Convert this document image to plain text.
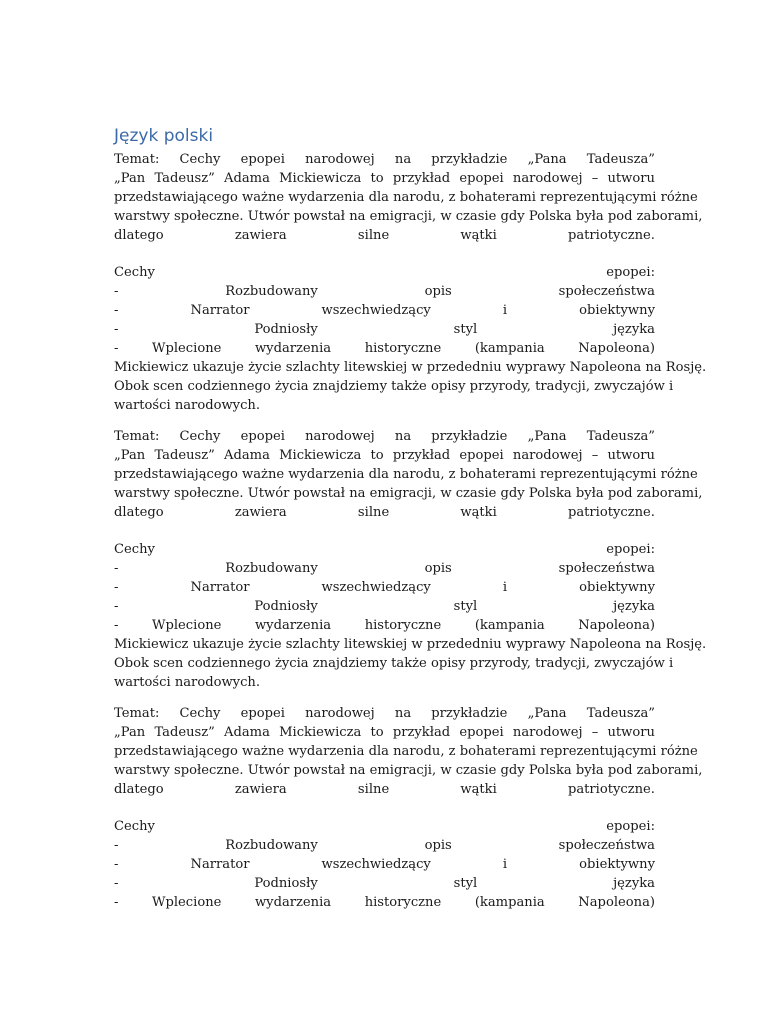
Język polski
Temat: Cechy epopei narodowej na przykładzie „Pana Tadeusza”
„Pan Tadeusz” Adama Mickiewicza to przykład epopei narodowej – utworu
przedstawiającego ważne wydarzenia dla narodu, z bohaterami reprezentującymi różne
warstwy społeczne. Utwór powstał na emigracji, w czasie gdy Polska była pod zaborami,
dlatego	zawiera	silne	wątki	patriotyczne.
Cechy	epopei:
-	Rozbudowany	opis	społeczeństwa
-	Narrator	wszechwiedzący	i	obiektywny
-	Podniosły	styl	języka
-	Wplecione	wydarzenia	historyczne	(kampania	Napoleona)
Mickiewicz ukazuje życie szlachty litewskiej w przededniu wyprawy Napoleona na Rosję.
Obok scen codziennego życia znajdziemy także opisy przyrody, tradycji, zwyczajów i
wartości narodowych.
Temat: Cechy epopei narodowej na przykładzie „Pana Tadeusza”
„Pan Tadeusz” Adama Mickiewicza to przykład epopei narodowej – utworu
przedstawiającego ważne wydarzenia dla narodu, z bohaterami reprezentującymi różne
warstwy społeczne. Utwór powstał na emigracji, w czasie gdy Polska była pod zaborami,
dlatego	zawiera	silne	wątki	patriotyczne.
Cechy	epopei:
-	Rozbudowany	opis	społeczeństwa
-	Narrator	wszechwiedzący	i	obiektywny
-	Podniosły	styl	języka
-	Wplecione	wydarzenia	historyczne	(kampania	Napoleona)
Mickiewicz ukazuje życie szlachty litewskiej w przededniu wyprawy Napoleona na Rosję.
Obok scen codziennego życia znajdziemy także opisy przyrody, tradycji, zwyczajów i
wartości narodowych.
Temat: Cechy epopei narodowej na przykładzie „Pana Tadeusza”
„Pan Tadeusz” Adama Mickiewicza to przykład epopei narodowej – utworu
przedstawiającego ważne wydarzenia dla narodu, z bohaterami reprezentującymi różne
warstwy społeczne. Utwór powstał na emigracji, w czasie gdy Polska była pod zaborami,
dlatego	zawiera	silne	wątki	patriotyczne.
Cechy	epopei:
-	Rozbudowany	opis	społeczeństwa
-	Narrator	wszechwiedzący	i	obiektywny
-	Podniosły	styl	języka
-	Wplecione	wydarzenia	historyczne	(kampania	Napoleona)
